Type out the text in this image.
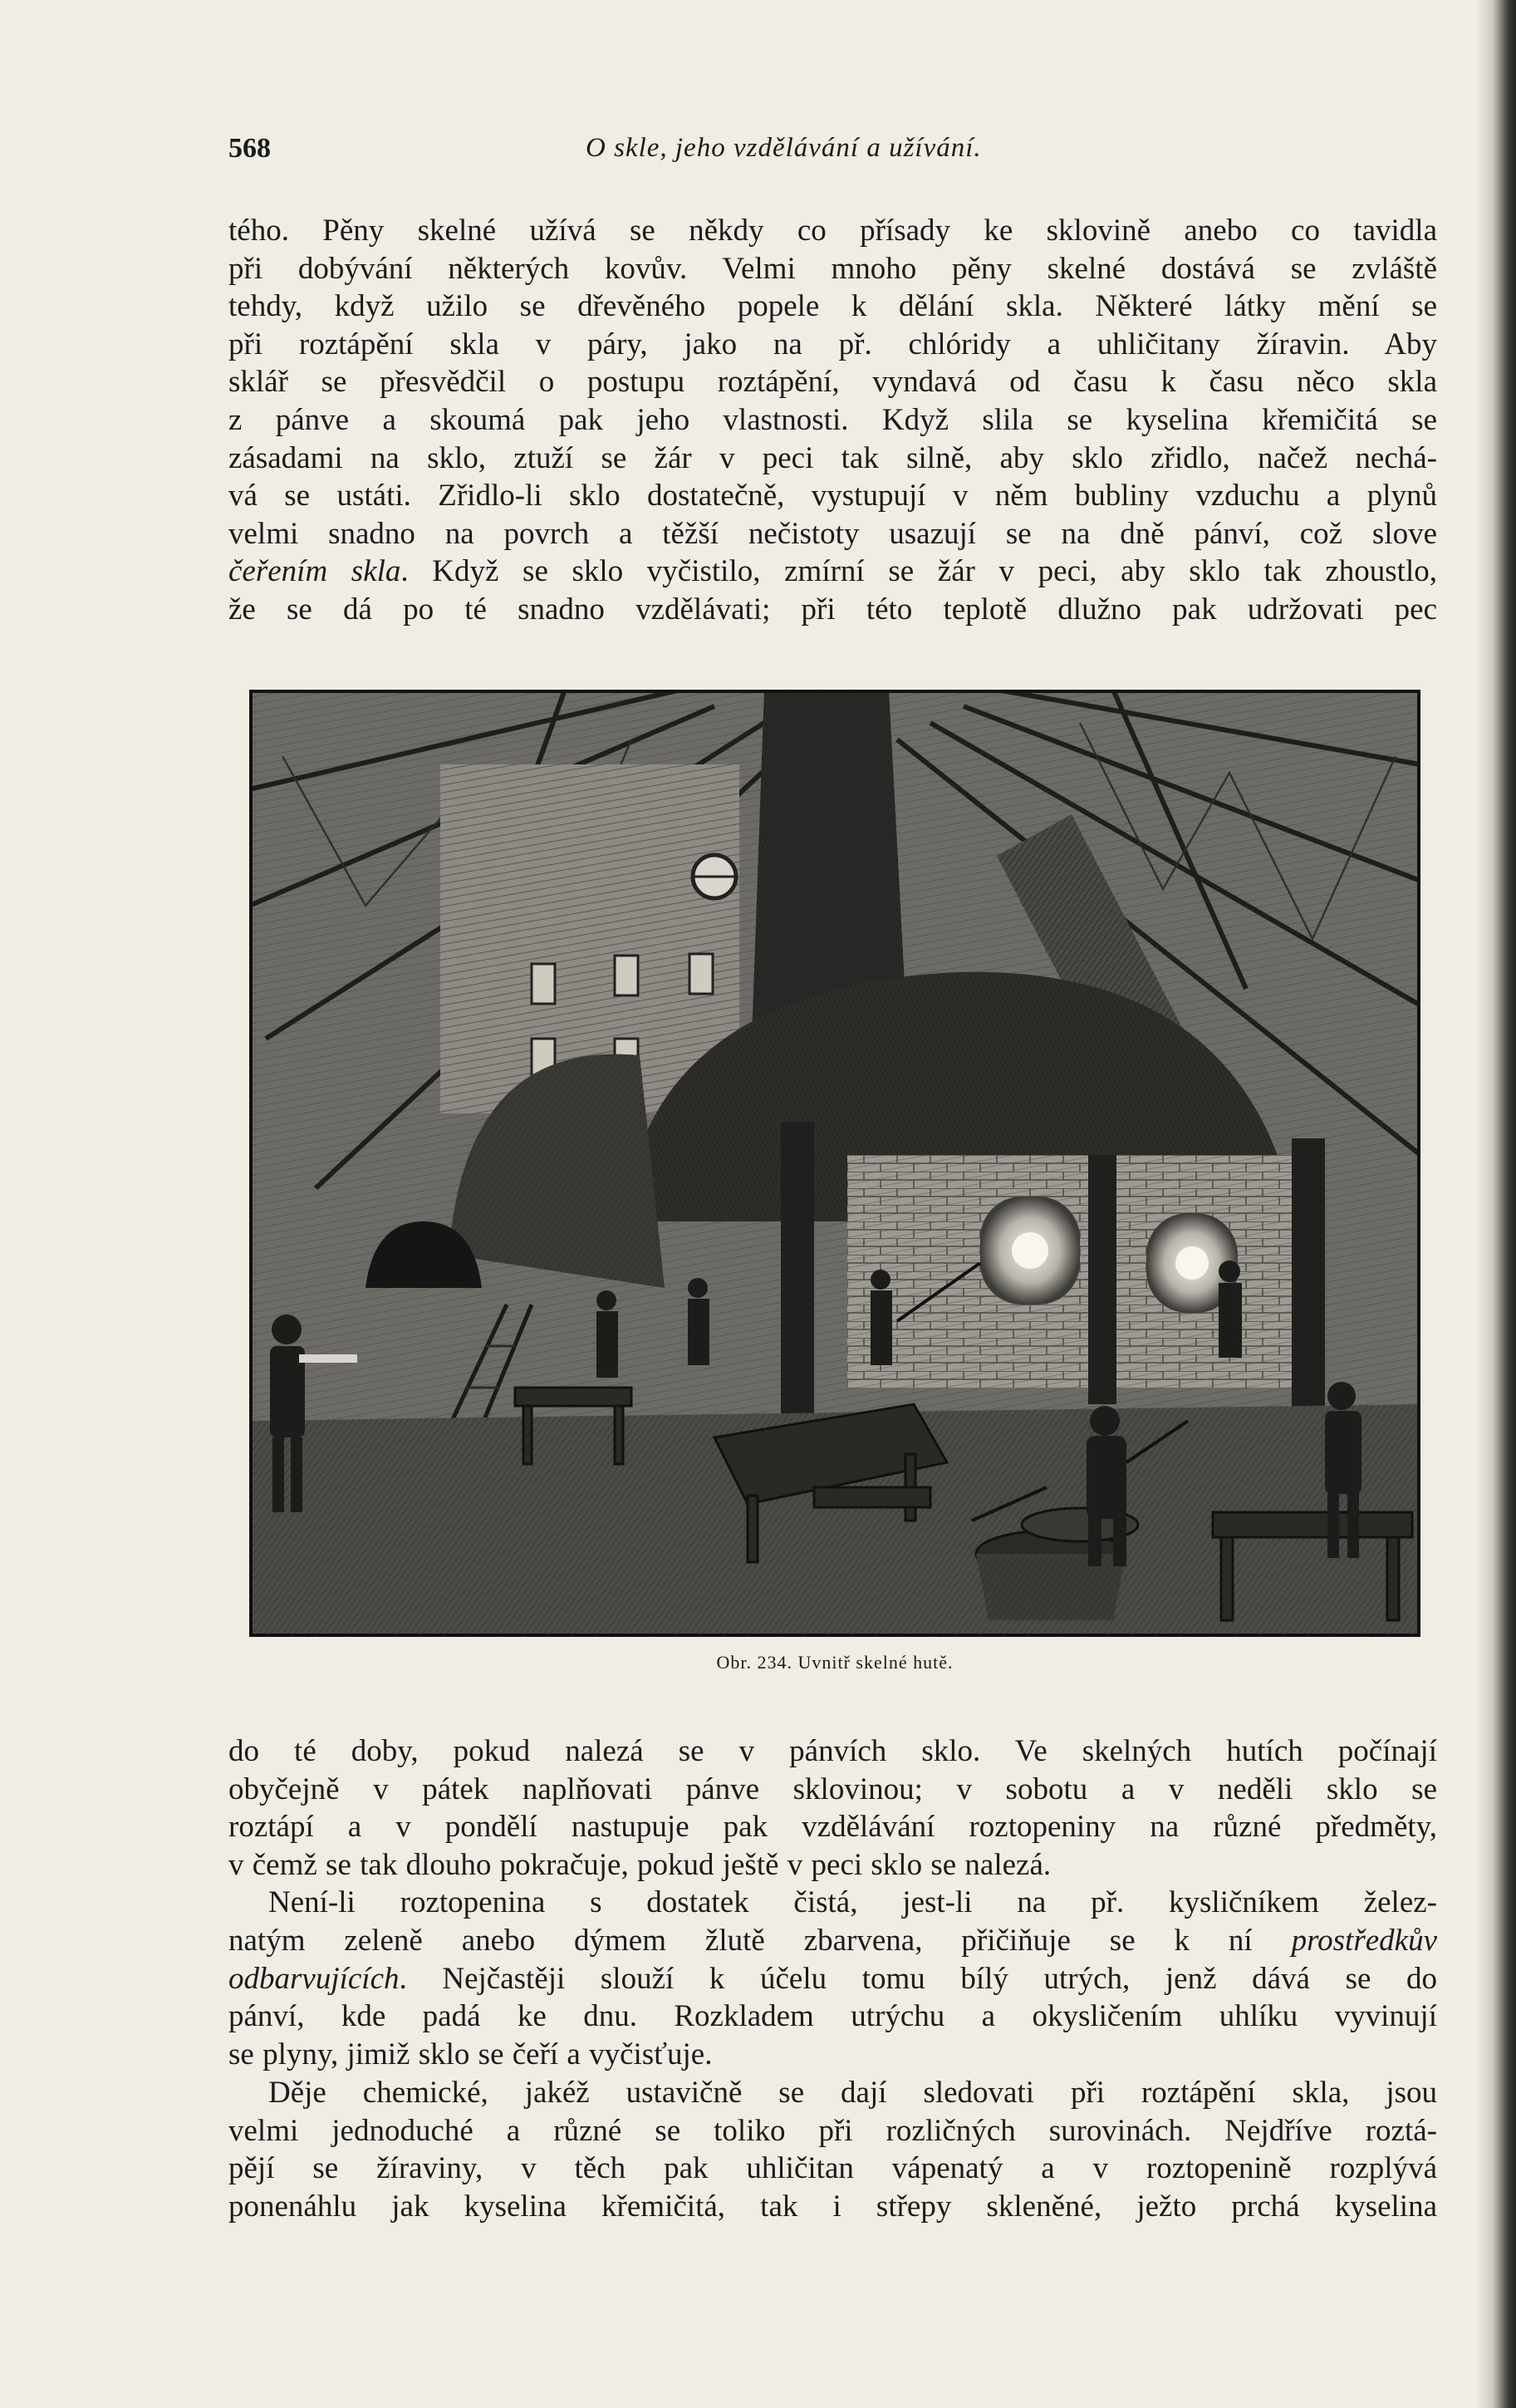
568	O skle, jeho vzdělávání a užívání.
tého. Pěny skelné užívá se někdy co přísady ke sklovině anebo co tavidla
při dobývání některých kovův. Velmi mnoho pěny skelné dostává se zvláště
tehdy, když užilo se dřevěného popele k dělání skla. Některé látky mění se
při roztápění skla v páry, jako na př. chlóridy a uhličitany žíravin. Aby
sklář se přesvědčil o postupu roztápění, vyndavá od času k času něco skla
z pánve a skoumá pak jeho vlastnosti. Když slila se kyselina křemičitá se
zásadami na sklo, ztuží se žár v peci tak silně, aby sklo zřidlo, načež nechá-
vá se ustáti. Zřidlo-li sklo dostatečně, vystupují v něm bubliny vzduchu a plynů
velmi snadno na povrch a těžší nečistoty usazují se na dně pánví, což slove
čeřením skla. Když se sklo vyčistilo, zmírní se žár v peci, aby sklo tak zhoustlo,
že se dá po té snadno vzdělávati; při této teplotě dlužno pak udržovati pec
Obr. 234. Uvnitř skelné hutě.
do té doby, pokud nalezá se v pánvích sklo. Ve skelných hutích počínají
obyčejně v pátek naplňovati pánve sklovinou; v sobotu a v neděli sklo se
roztápí a v pondělí nastupuje pak vzdělávání roztopeniny na různé předměty,
v čemž se tak dlouho pokračuje, pokud ještě v peci sklo se nalezá.
Není-li roztopenina s dostatek čistá, jest-li na př. kysličníkem želez-
natým zeleně anebo dýmem žlutě zbarvena, přičiňuje se k ní prostředkův
odbarvujících. Nejčastěji slouží k účelu tomu bílý utrých, jenž dává se do
pánví, kde padá ke dnu. Rozkladem utrýchu a okysličením uhlíku vyvinují
se plyny, jimiž sklo se čeří a vyčisťuje.
Děje chemické, jakéž ustavičně se dají sledovati při roztápění skla, jsou
velmi jednoduché a různé se toliko při rozličných surovinách. Nejdříve roztá-
pějí se žíraviny, v těch pak uhličitan vápenatý a v roztopenině rozplývá
ponenáhlu jak kyselina křemičitá, tak i střepy skleněné, ježto prchá kyselina
